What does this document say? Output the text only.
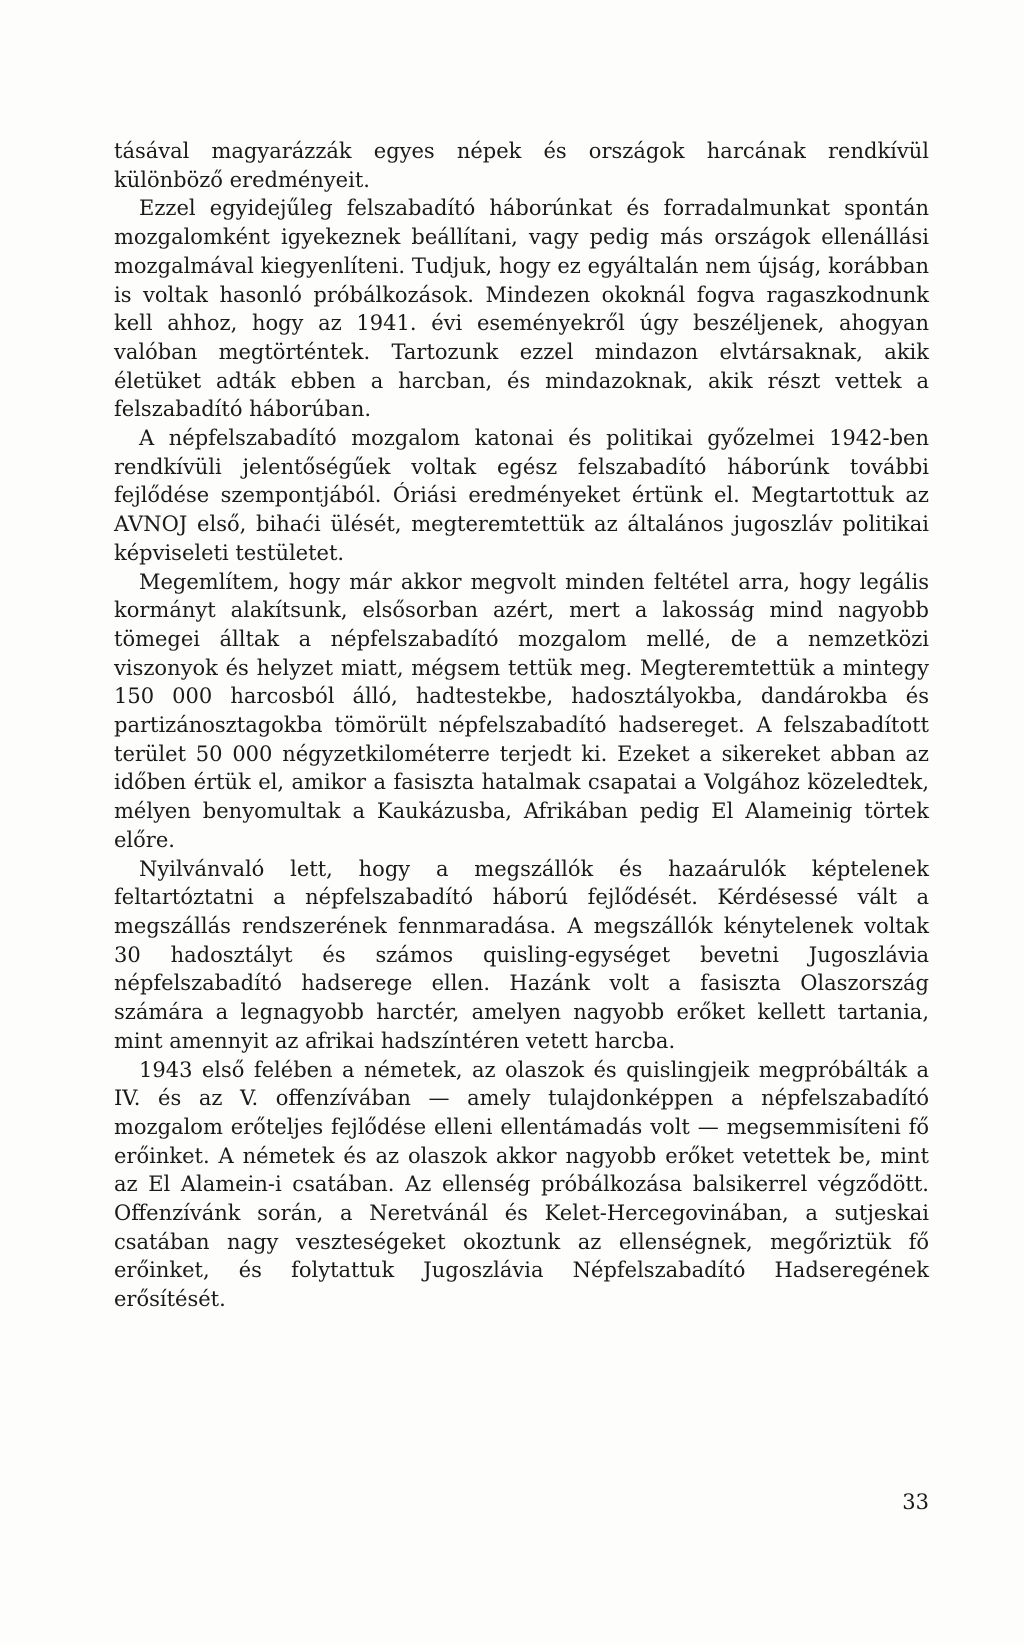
tásával magyarázzák egyes népek és országok harcának rendkívül különböző eredményeit.

Ezzel egyidejűleg felszabadító háborúnkat és forradalmunkat spontán mozgalomként igyekeznek beállítani, vagy pedig más országok ellenállási mozgalmával kiegyenlíteni. Tudjuk, hogy ez egyáltalán nem újság, korábban is voltak hasonló próbálkozások. Mindezen okoknál fogva ragaszkodnunk kell ahhoz, hogy az 1941. évi eseményekről úgy beszéljenek, ahogyan valóban megtörténtek. Tartozunk ezzel mindazon elvtársaknak, akik életüket adták ebben a harcban, és mindazoknak, akik részt vettek a felszabadító háborúban.

A népfelszabadító mozgalom katonai és politikai győzelmei 1942-ben rendkívüli jelentőségűek voltak egész felszabadító háborúnk további fejlődése szempontjából. Óriási eredményeket értünk el. Megtartottuk az AVNOJ első, bihaći ülését, megteremtettük az általános jugoszláv politikai képviseleti testületet.

Megemlítem, hogy már akkor megvolt minden feltétel arra, hogy legális kormányt alakítsunk, elsősorban azért, mert a lakosság mind nagyobb tömegei álltak a népfelszabadító mozgalom mellé, de a nemzetközi viszonyok és helyzet miatt, mégsem tettük meg. Megteremtettük a mintegy 150 000 harcosból álló, hadtestekbe, hadosztályokba, dandárokba és partizánosztagokba tömörült népfelszabadító hadsereget. A felszabadított terület 50 000 négyzetkilométerre terjedt ki. Ezeket a sikereket abban az időben értük el, amikor a fasiszta hatalmak csapatai a Volgához közeledtek, mélyen benyomultak a Kaukázusba, Afrikában pedig El Alameinig törtek előre.

Nyilvánvaló lett, hogy a megszállók és hazaárulók képtelenek feltartóztatni a népfelszabadító háború fejlődését. Kérdésessé vált a megszállás rendszerének fennmaradása. A megszállók kénytelenek voltak 30 hadosztályt és számos quisling-egységet bevetni Jugoszlávia népfelszabadító hadserege ellen. Hazánk volt a fasiszta Olaszország számára a legnagyobb harctér, amelyen nagyobb erőket kellett tartania, mint amennyit az afrikai hadszíntéren vetett harcba.

1943 első felében a németek, az olaszok és quislingjeik megpróbálták a IV. és az V. offenzívában — amely tulajdonképpen a népfelszabadító mozgalom erőteljes fejlődése elleni ellentámadás volt — megsemmisíteni fő erőinket. A németek és az olaszok akkor nagyobb erőket vetettek be, mint az El Alamein-i csatában. Az ellenség próbálkozása balsikerrel végződött. Offenzívánk során, a Neretvánál és Kelet-Hercegovinában, a sutjeskai csatában nagy veszteségeket okoztunk az ellenségnek, megőriztük fő erőinket, és folytattuk Jugoszlávia Népfelszabadító Hadseregének erősítését.

33
